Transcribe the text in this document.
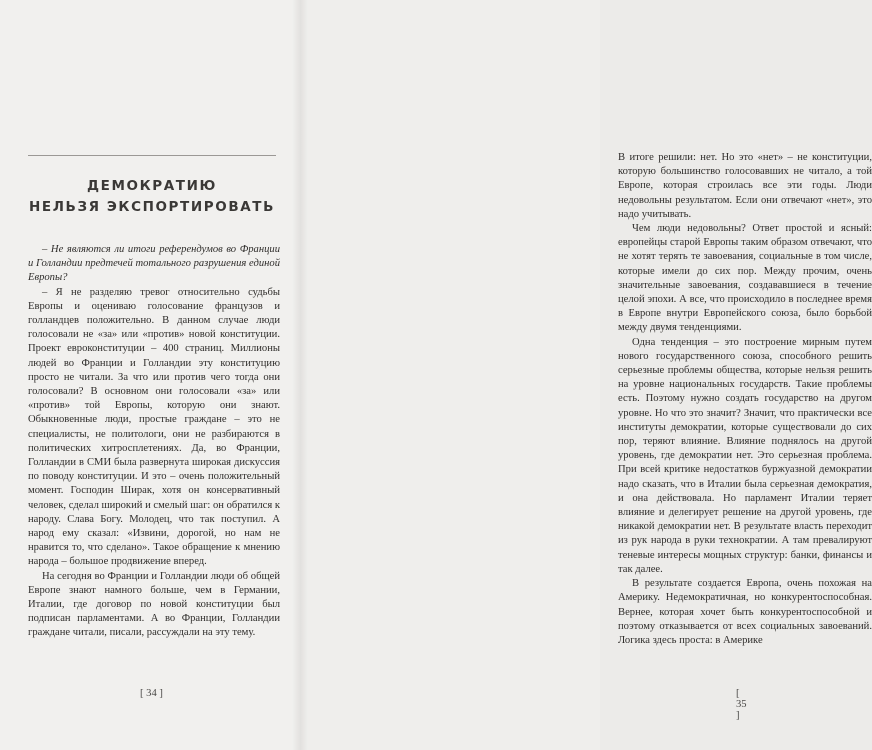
ДЕМОКРАТИЮ
НЕЛЬЗЯ ЭКСПОРТИРОВАТЬ

– Не являются ли итоги референдумов во Франции и Голландии предтечей тотального разрушения единой Европы?

– Я не разделяю тревог относительно судьбы Европы и оцениваю голосование французов и голландцев положительно. В данном случае люди голосовали не «за» или «против» новой конституции. Проект евроконституции – 400 страниц. Миллионы людей во Франции и Голландии эту конституцию просто не читали. За что или против чего тогда они голосовали? В основном они голосовали «за» или «против» той Европы, которую они знают. Обыкновенные люди, простые граждане – это не специалисты, не политологи, они не разбираются в политических хитросплетениях. Да, во Франции, Голландии в СМИ была развернута широкая дискуссия по поводу конституции. И это – очень положительный момент. Господин Ширак, хотя он консервативный человек, сделал широкий и смелый шаг: он обратился к народу. Слава Богу. Молодец, что так поступил. А народ ему сказал: «Извини, дорогой, но нам не нравится то, что сделано». Такое обращение к мнению народа – большое продвижение вперед.

На сегодня во Франции и Голландии люди об общей Европе знают намного больше, чем в Германии, Италии, где договор по новой конституции был подписан парламентами. А во Франции, Голландии граждане читали, писали, рассуждали на эту тему.

[ 34 ]

В итоге решили: нет. Но это «нет» – не конституции, которую большинство голосовавших не читало, а той Европе, которая строилась все эти годы. Люди недовольны результатом. Если они отвечают «нет», это надо учитывать.

Чем люди недовольны? Ответ простой и ясный: европейцы старой Европы таким образом отвечают, что не хотят терять те завоевания, социальные в том числе, которые имели до сих пор. Между прочим, очень значительные завоевания, создававшиеся в течение целой эпохи. А все, что происходило в последнее время в Европе внутри Европейского союза, было борьбой между двумя тенденциями.

Одна тенденция – это построение мирным путем нового государственного союза, способного решить серьезные проблемы общества, которые нельзя решить на уровне национальных государств. Такие проблемы есть. Поэтому нужно создать государство на другом уровне. Но что это значит? Значит, что практически все институты демократии, которые существовали до сих пор, теряют влияние. Влияние поднялось на другой уровень, где демократии нет. Это серьезная проблема. При всей критике недостатков буржуазной демократии надо сказать, что в Италии была серьезная демократия, и она действовала. Но парламент Италии теряет влияние и делегирует решение на другой уровень, где никакой демократии нет. В результате власть переходит из рук народа в руки технократии. А там превалируют теневые интересы мощных структур: банки, финансы и так далее.

В результате создается Европа, очень похожая на Америку. Недемократичная, но конкурентоспособная. Вернее, которая хочет быть конкурентоспособной и поэтому отказывается от всех социальных завоеваний. Логика здесь проста: в Америке

[ 35 ]
